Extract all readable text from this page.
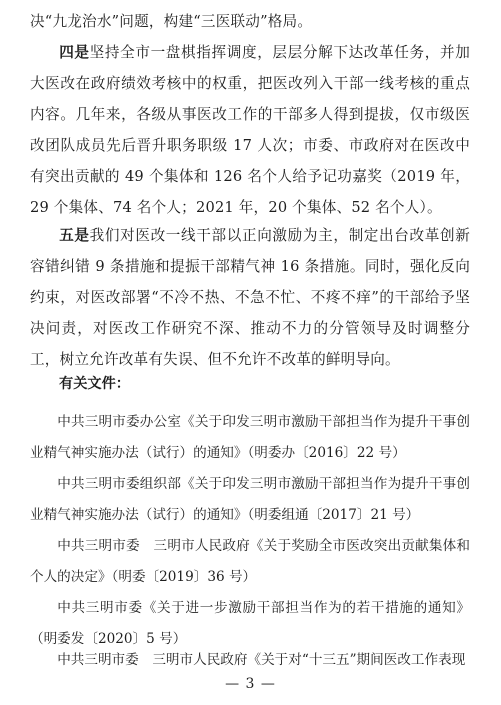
决“九龙治水”问题，构建“三医联动”格局。

四是坚持全市一盘棋指挥调度，层层分解下达改革任务，并加大医改在政府绩效考核中的权重，把医改列入干部一线考核的重点内容。几年来，各级从事医改工作的干部多人得到提拔，仅市级医改团队成员先后晋升职务职级 17 人次；市委、市政府对在医改中有突出贡献的 49 个集体和 126 名个人给予记功嘉奖（2019 年，29 个集体、74 名个人；2021 年，20 个集体、52 名个人）。

五是我们对医改一线干部以正向激励为主，制定出台改革创新容错纠错 9 条措施和提振干部精气神 16 条措施。同时，强化反向约束，对医改部署“不冷不热、不急不忙、不疼不痒”的干部给予坚决问责，对医改工作研究不深、推动不力的分管领导及时调整分工，树立允许改革有失误、但不允许不改革的鲜明导向。

有关文件：

中共三明市委办公室《关于印发三明市激励干部担当作为提升干事创业精气神实施办法（试行）的通知》（明委办〔2016〕22 号）

中共三明市委组织部《关于印发三明市激励干部担当作为提升干事创业精气神实施办法（试行）的通知》（明委组通〔2017〕21 号）

中共三明市委　三明市人民政府《关于奖励全市医改突出贡献集体和个人的决定》（明委〔2019〕36 号）

中共三明市委《关于进一步激励干部担当作为的若干措施的通知》（明委发〔2020〕5 号）

中共三明市委　三明市人民政府《关于对“十三五”期间医改工作表现

— 3 —
